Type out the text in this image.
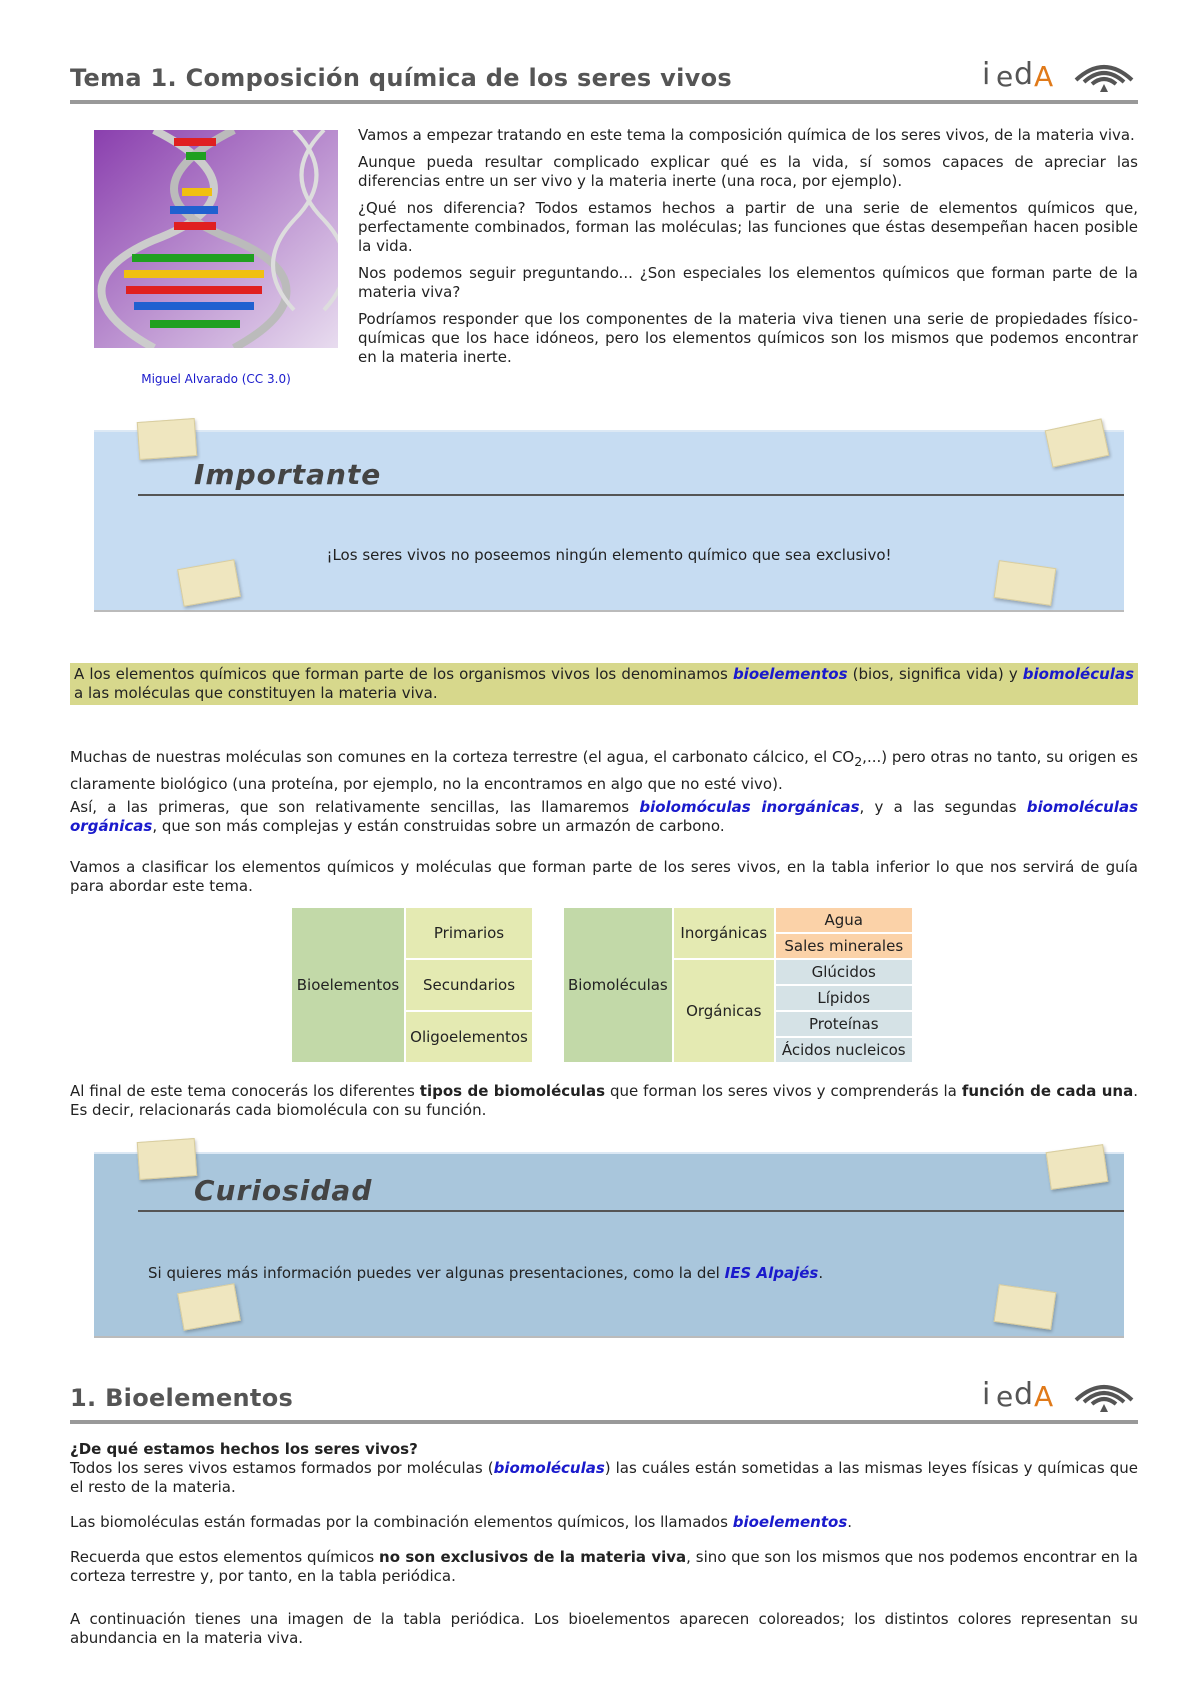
Tema 1. Composición química de los seres vivos	i e d A
Miguel Alvarado (CC 3.0)

Vamos a empezar tratando en este tema la composición química de los seres vivos, de la materia viva.

Aunque pueda resultar complicado explicar qué es la vida, sí somos capaces de apreciar las diferencias entre un ser vivo y la materia inerte (una roca, por ejemplo).

¿Qué nos diferencia? Todos estamos hechos a partir de una serie de elementos químicos que, perfectamente combinados, forman las moléculas; las funciones que éstas desempeñan hacen posible la vida.

Nos podemos seguir preguntando... ¿Son especiales los elementos químicos que forman parte de la materia viva?

Podríamos responder que los componentes de la materia viva tienen una serie de propiedades físico-químicas que los hace idóneos, pero los elementos químicos son los mismos que podemos encontrar en la materia inerte.

Importante
¡Los seres vivos no poseemos ningún elemento químico que sea exclusivo!

A los elementos químicos que forman parte de los organismos vivos los denominamos bioelementos (bios, significa vida) y biomoléculas a las moléculas que constituyen la materia viva.

Muchas de nuestras moléculas son comunes en la corteza terrestre (el agua, el carbonato cálcico, el $CO_2$,...) pero otras no tanto, su origen es claramente biológico (una proteína, por ejemplo, no la encontramos en algo que no esté vivo).

Así, a las primeras, que son relativamente sencillas, las llamaremos biolomóculas inorgánicas, y a las segundas biomoléculas orgánicas, que son más complejas y están construidas sobre un armazón de carbono.

Vamos a clasificar los elementos químicos y moléculas que forman parte de los seres vivos, en la tabla inferior lo que nos servirá de guía para abordar este tema.

Bioelementos	Primarios
Secundarios
Oligoelementos
Biomoléculas	Inorgánicas	Agua
		Sales minerales
	Orgánicas	Glúcidos
		Lípidos
		Proteínas
		Ácidos nucleicos

Al final de este tema conocerás los diferentes tipos de biomoléculas que forman los seres vivos y comprenderás la función de cada una. Es decir, relacionarás cada biomolécula con su función.

Curiosidad
Si quieres más información puedes ver algunas presentaciones, como la del IES Alpajés.
1. Bioelementos	i e d A

¿De qué estamos hechos los seres vivos?

Todos los seres vivos estamos formados por moléculas (biomoléculas) las cuáles están sometidas a las mismas leyes físicas y químicas que el resto de la materia.

Las biomoléculas están formadas por la combinación elementos químicos, los llamados bioelementos.

Recuerda que estos elementos químicos no son exclusivos de la materia viva, sino que son los mismos que nos podemos encontrar en la corteza terrestre y, por tanto, en la tabla periódica.

A continuación tienes una imagen de la tabla periódica. Los bioelementos aparecen coloreados; los distintos colores representan su abundancia en la materia viva.
